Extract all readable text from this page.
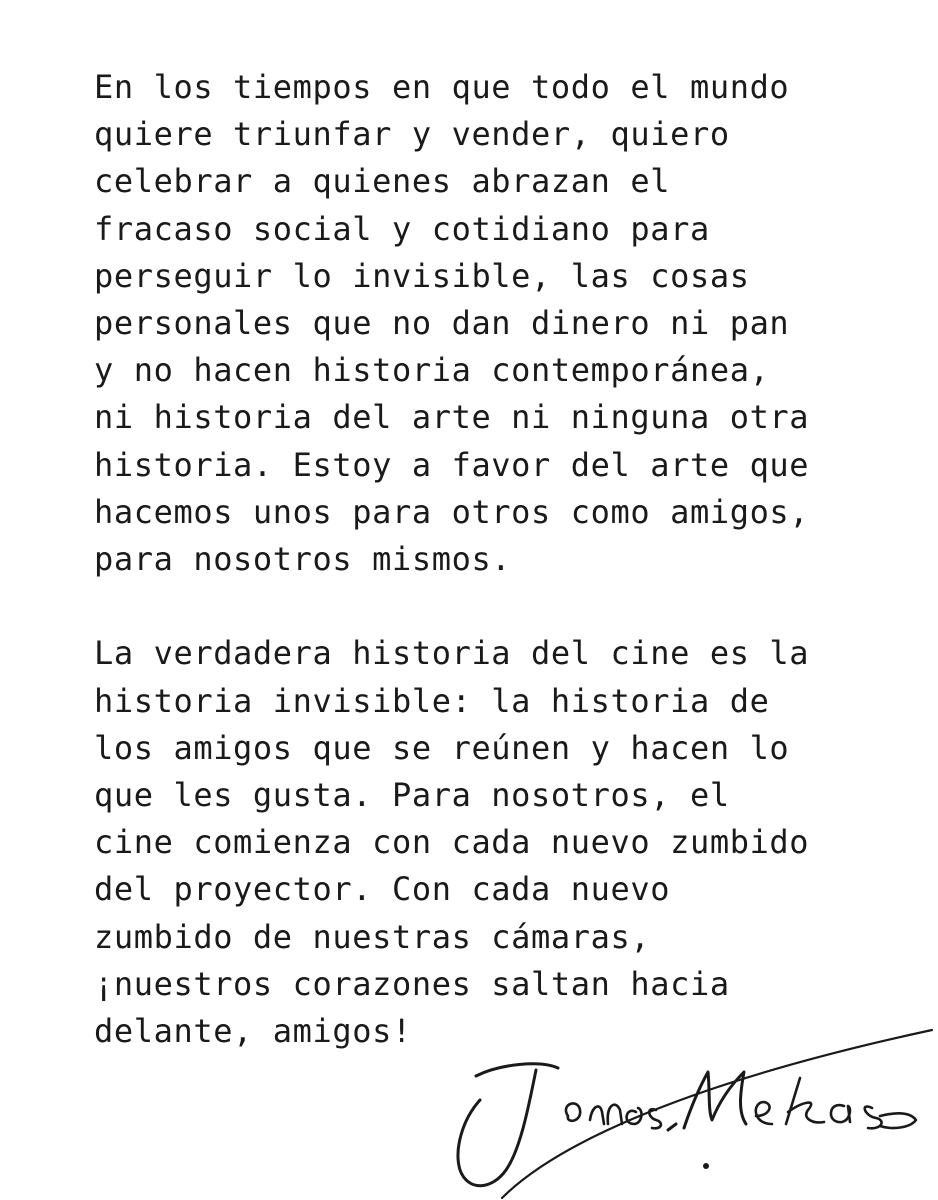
En los tiempos en que todo el mundo
quiere triunfar y vender, quiero
celebrar a quienes abrazan el
fracaso social y cotidiano para
perseguir lo invisible, las cosas
personales que no dan dinero ni pan
y no hacen historia contemporánea,
ni historia del arte ni ninguna otra
historia. Estoy a favor del arte que
hacemos unos para otros como amigos,
para nosotros mismos.

La verdadera historia del cine es la
historia invisible: la historia de
los amigos que se reúnen y hacen lo
que les gusta. Para nosotros, el
cine comienza con cada nuevo zumbido
del proyector. Con cada nuevo
zumbido de nuestras cámaras,
¡nuestros corazones saltan hacia
delante, amigos!
